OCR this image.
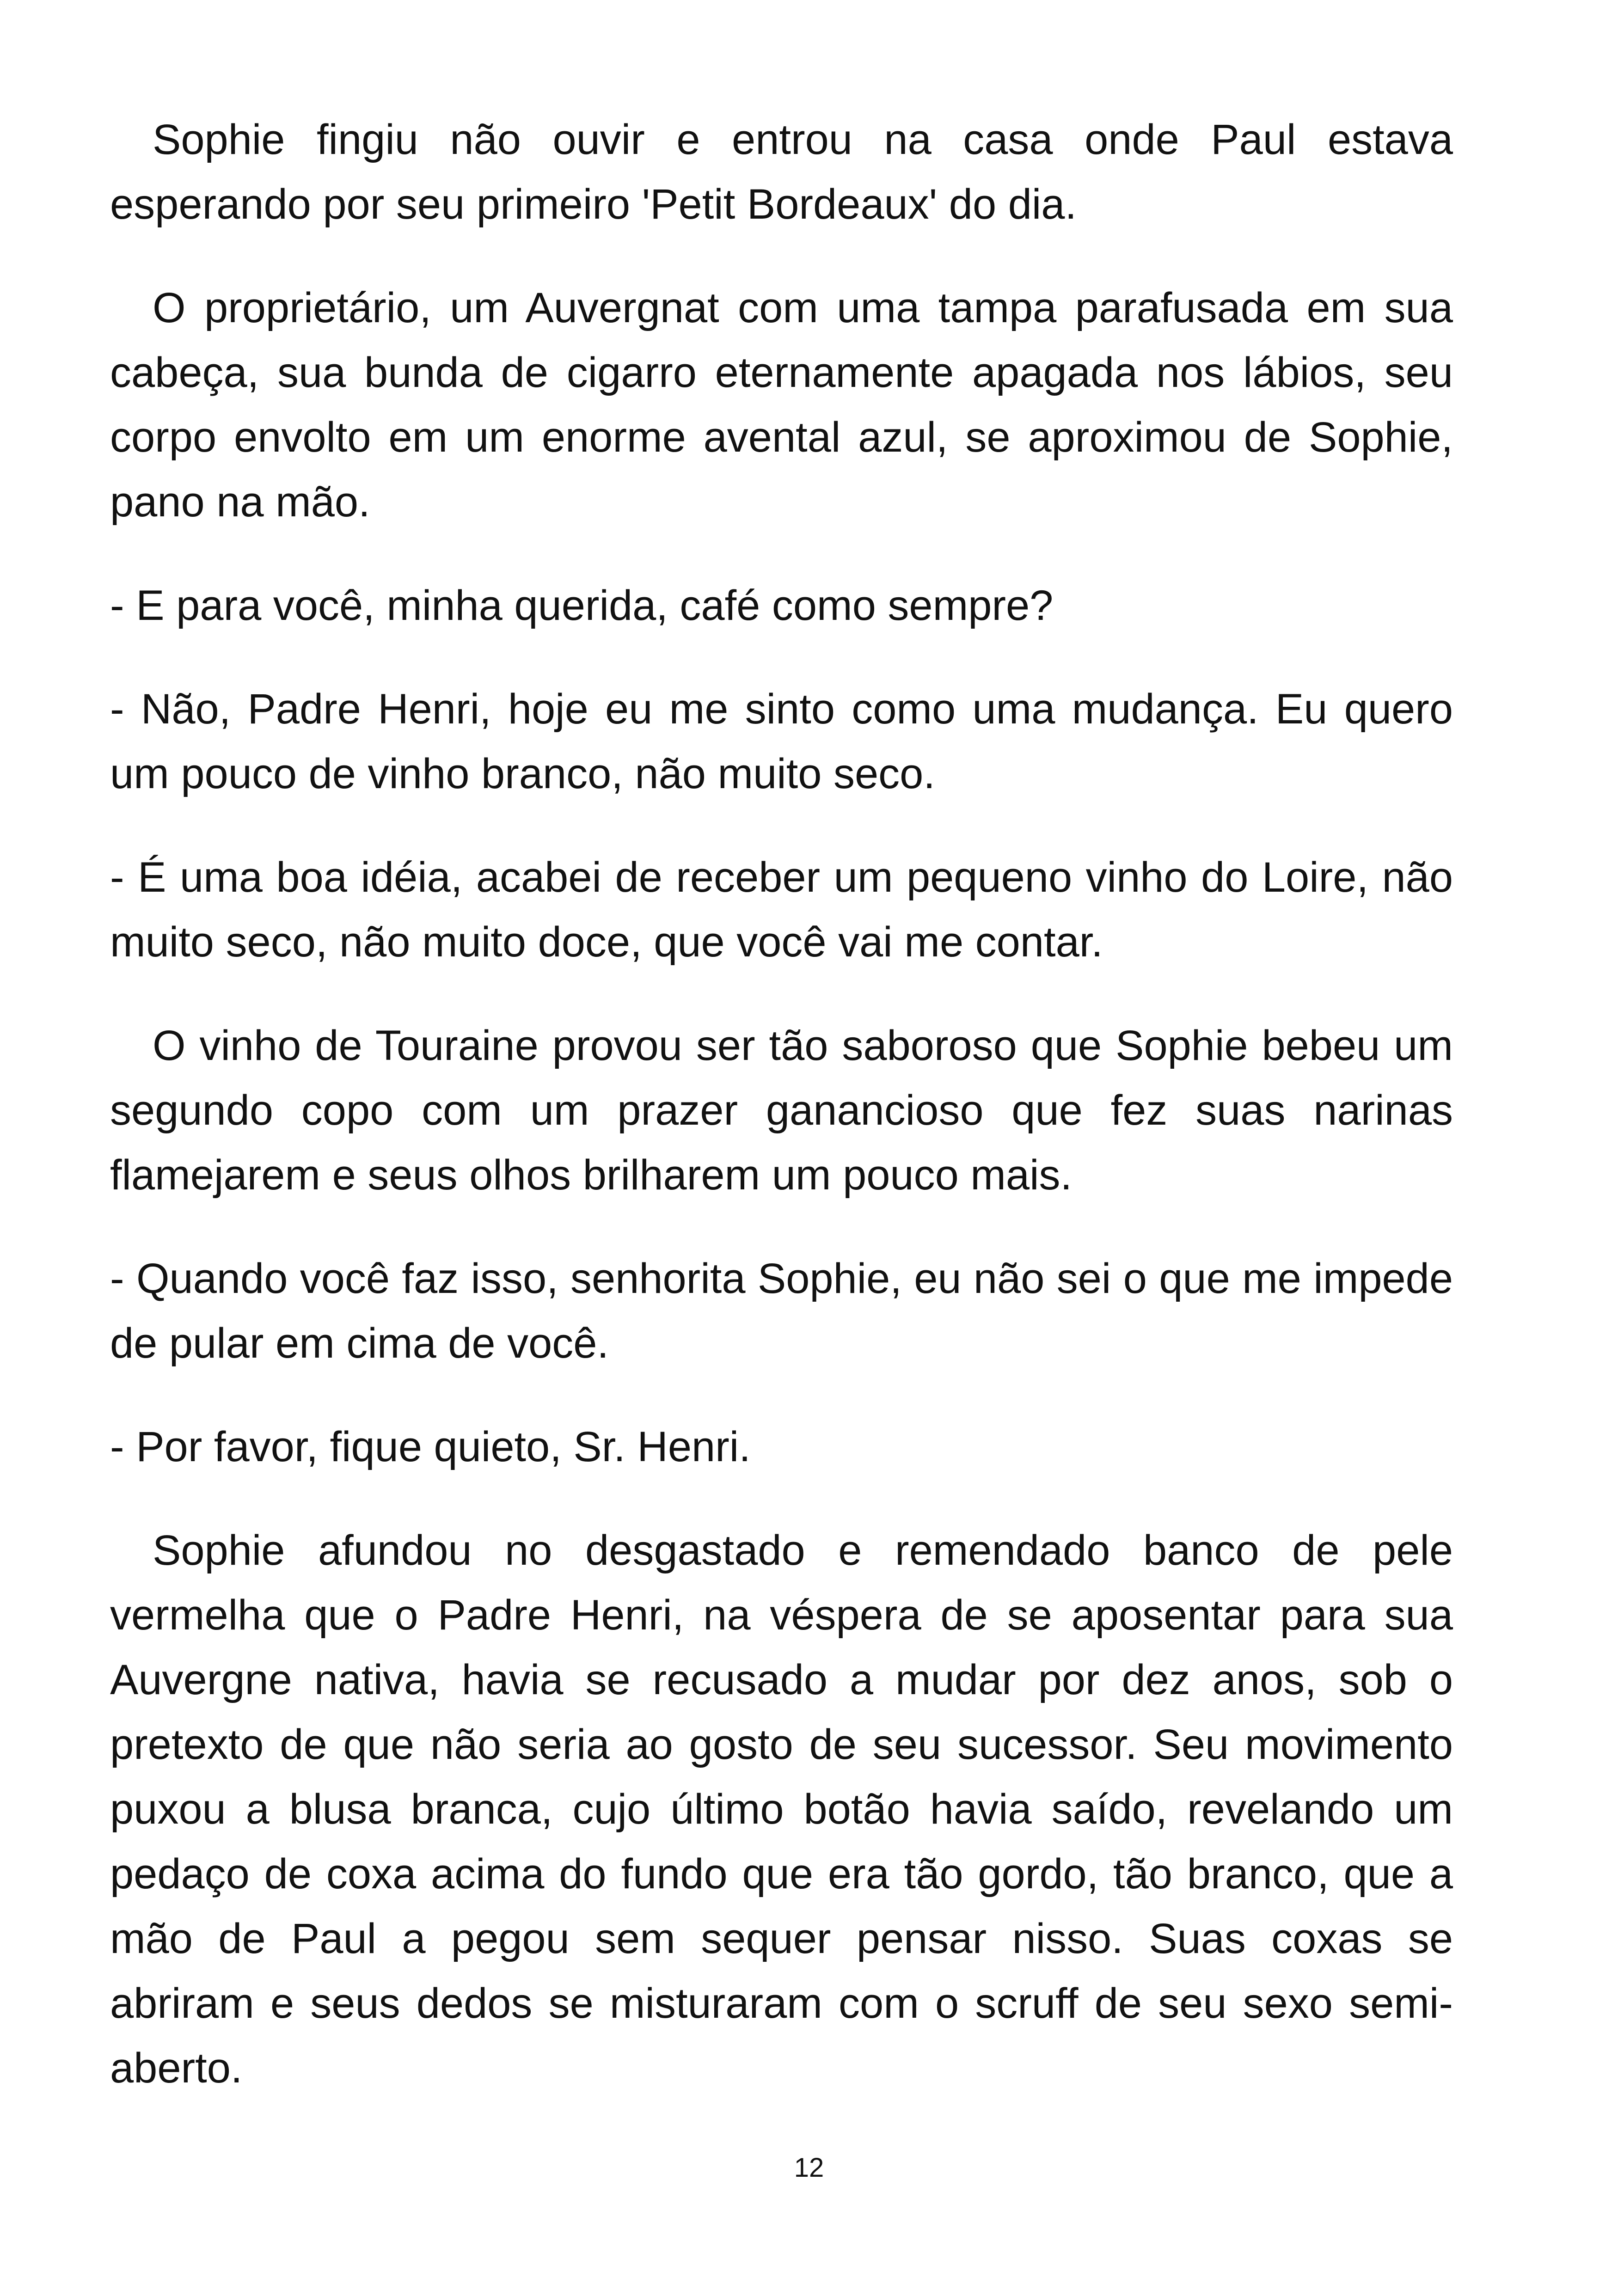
Sophie fingiu não ouvir e entrou na casa onde Paul estava esperando por seu primeiro 'Petit Bordeaux' do dia.

O proprietário, um Auvergnat com uma tampa parafusada em sua cabeça, sua bunda de cigarro eternamente apagada nos lábios, seu corpo envolto em um enorme avental azul, se aproximou de Sophie, pano na mão.

- E para você, minha querida, café como sempre?

- Não, Padre Henri, hoje eu me sinto como uma mudança. Eu quero um pouco de vinho branco, não muito seco.

- É uma boa idéia, acabei de receber um pequeno vinho do Loire, não muito seco, não muito doce, que você vai me contar.

O vinho de Touraine provou ser tão saboroso que Sophie bebeu um segundo copo com um prazer ganancioso que fez suas narinas flamejarem e seus olhos brilharem um pouco mais.

- Quando você faz isso, senhorita Sophie, eu não sei o que me impede de pular em cima de você.

- Por favor, fique quieto, Sr. Henri.

Sophie afundou no desgastado e remendado banco de pele vermelha que o Padre Henri, na véspera de se aposentar para sua Auvergne nativa, havia se recusado a mudar por dez anos, sob o pretexto de que não seria ao gosto de seu sucessor. Seu movimento puxou a blusa branca, cujo último botão havia saído, revelando um pedaço de coxa acima do fundo que era tão gordo, tão branco, que a mão de Paul a pegou sem sequer pensar nisso. Suas coxas se abriram e seus dedos se misturaram com o scruff de seu sexo semi-aberto.

12
